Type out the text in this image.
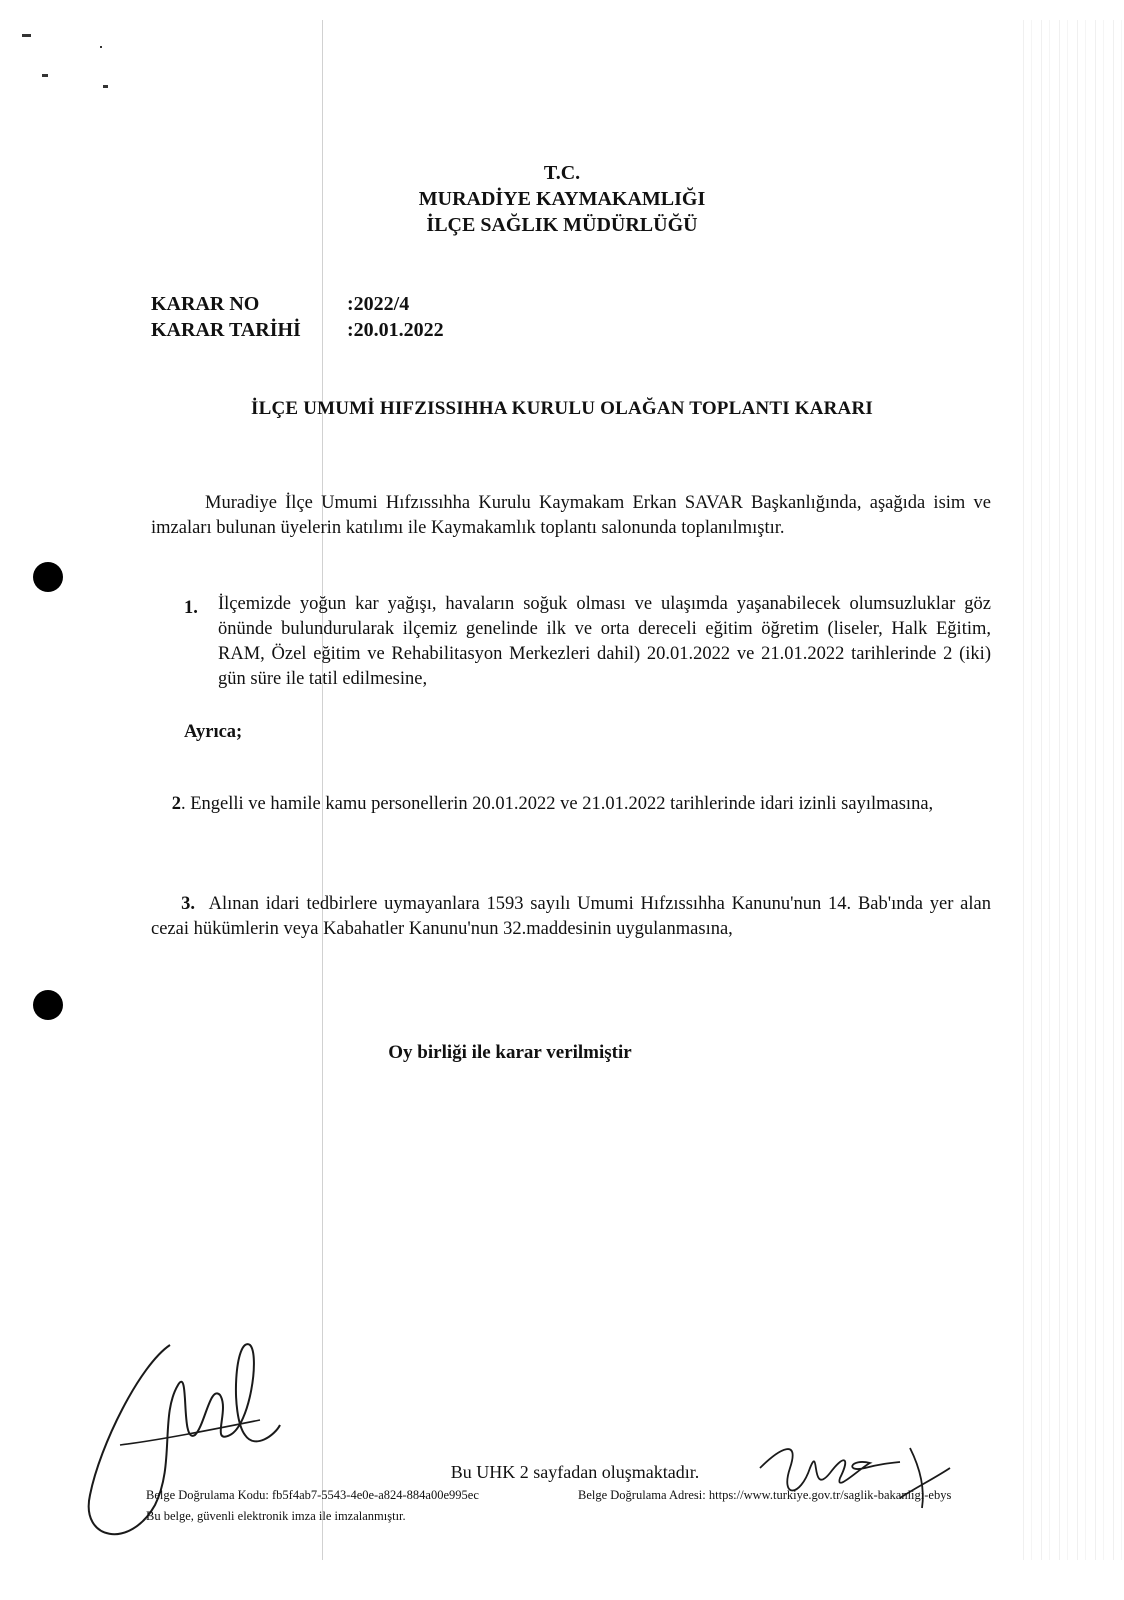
T.C.
MURADİYE KAYMAKAMLIĞI
İLÇE SAĞLIK MÜDÜRLÜĞÜ
KARAR NO	:2022/4
KARAR TARİHİ :20.01.2022
İLÇE UMUMİ HIFZISSIHHA KURULU OLAĞAN TOPLANTI KARARI
Muradiye İlçe Umumi Hıfzıssıhha Kurulu Kaymakam Erkan SAVAR Başkanlığında, aşağıda isim ve imzaları bulunan üyelerin katılımı ile Kaymakamlık toplantı salonunda toplanılmıştır.
1. İlçemizde yoğun kar yağışı, havaların soğuk olması ve ulaşımda yaşanabilecek olumsuzluklar göz önünde bulundurularak ilçemiz genelinde ilk ve orta dereceli eğitim öğretim (liseler, Halk Eğitim, RAM, Özel eğitim ve Rehabilitasyon Merkezleri dahil) 20.01.2022 ve 21.01.2022 tarihlerinde 2 (iki) gün süre ile tatil edilmesine,
Ayrıca;
2. Engelli ve hamile kamu personellerin 20.01.2022 ve 21.01.2022 tarihlerinde idari izinli sayılmasına,
3. Alınan idari tedbirlere uymayanlara 1593 sayılı Umumi Hıfzıssıhha Kanunu'nun 14. Bab'ında yer alan cezai hükümlerin veya Kabahatler Kanunu'nun 32.maddesinin uygulanmasına,
Oy birliği ile karar verilmiştir
Bu UHK 2 sayfadan oluşmaktadır.
Belge Doğrulama Kodu: fb5f4ab7-5543-4e0e-a824-884a00e995ec	Belge Doğrulama Adresi: https://www.turkiye.gov.tr/saglik-bakanligi-ebys
Bu belge, güvenli elektronik imza ile imzalanmıştır.
